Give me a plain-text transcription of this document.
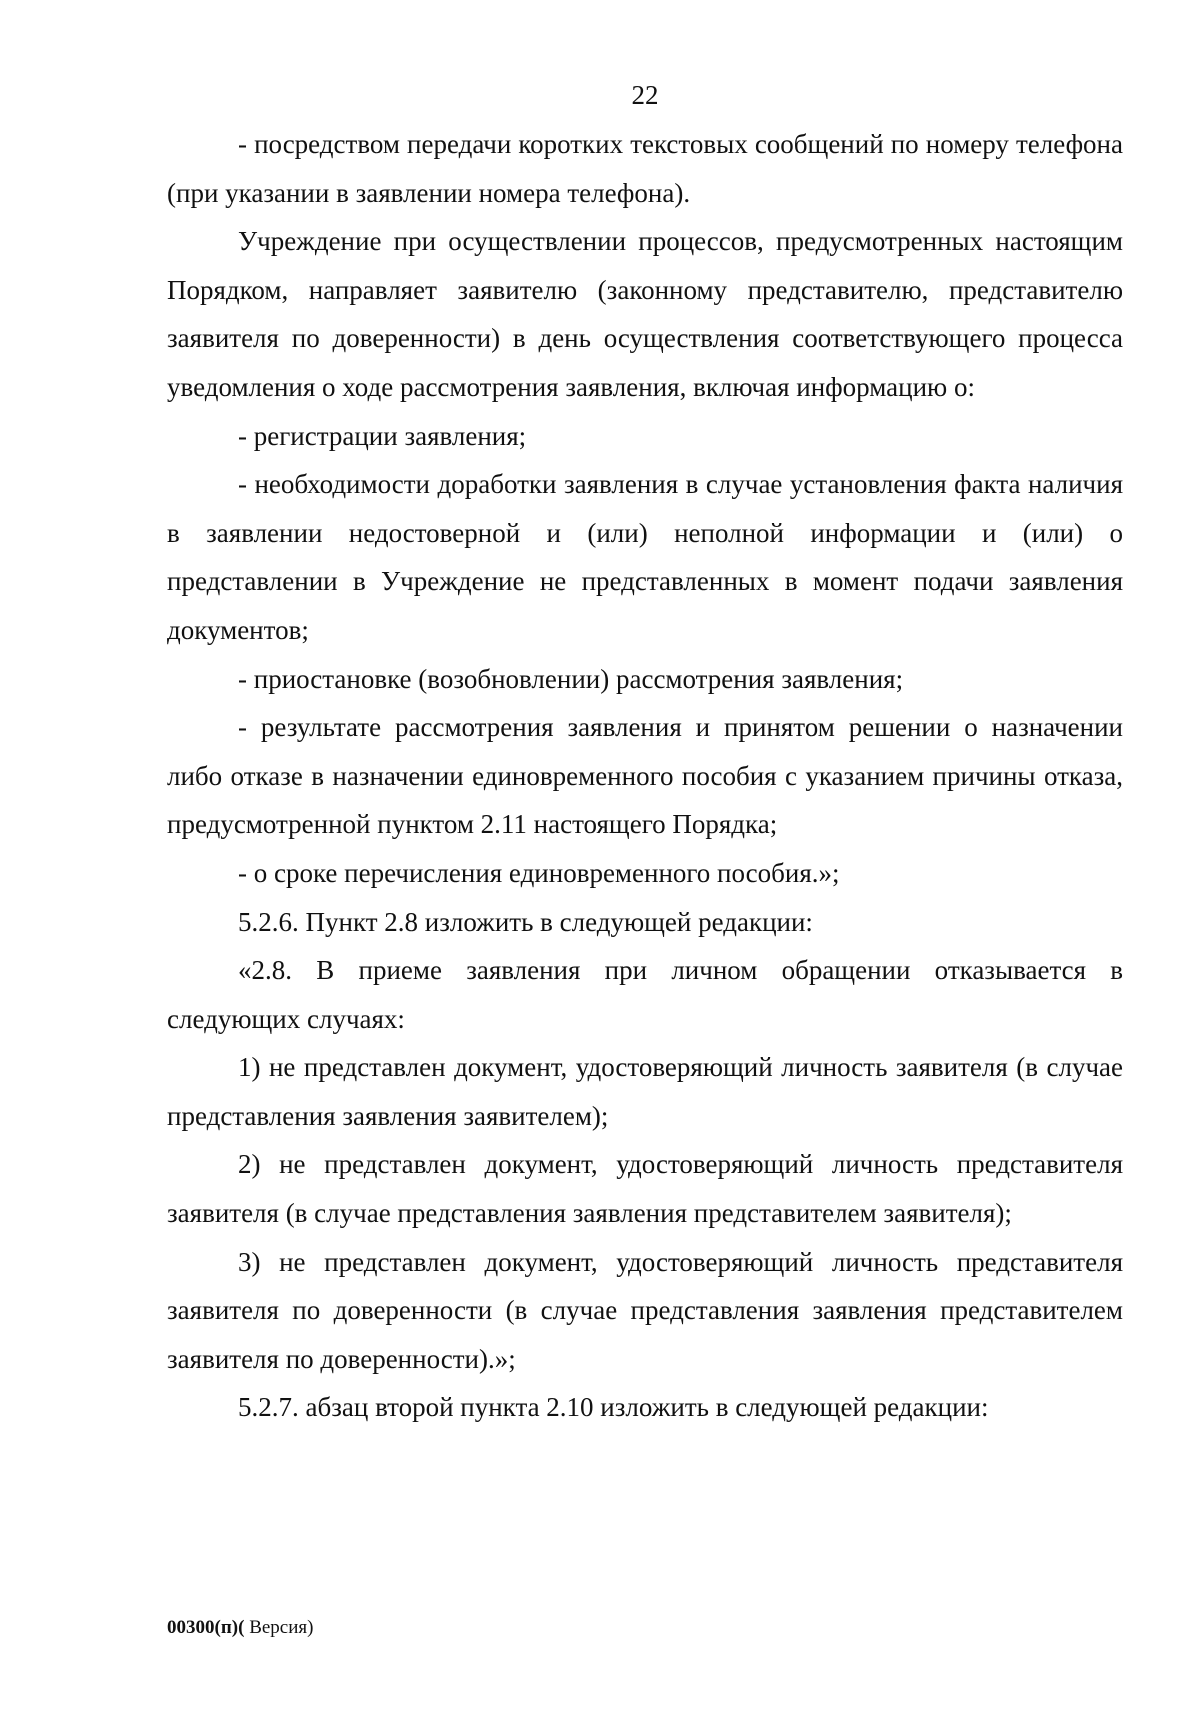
22

- посредством передачи коротких текстовых сообщений по номеру телефона (при указании в заявлении номера телефона).

Учреждение при осуществлении процессов, предусмотренных настоящим Порядком, направляет заявителю (законному представителю, представителю заявителя по доверенности) в день осуществления соответствующего процесса уведомления о ходе рассмотрения заявления, включая информацию о:

- регистрации заявления;

- необходимости доработки заявления в случае установления факта наличия в заявлении недостоверной и (или) неполной информации и (или) о представлении в Учреждение не представленных в момент подачи заявления документов;

- приостановке (возобновлении) рассмотрения заявления;

- результате рассмотрения заявления и принятом решении о назначении либо отказе в назначении единовременного пособия с указанием причины отказа, предусмотренной пунктом 2.11 настоящего Порядка;

- о сроке перечисления единовременного пособия.»;

5.2.6. Пункт 2.8 изложить в следующей редакции:

«2.8. В приеме заявления при личном обращении отказывается в следующих случаях:

1) не представлен документ, удостоверяющий личность заявителя (в случае представления заявления заявителем);

2) не представлен документ, удостоверяющий личность представителя заявителя (в случае представления заявления представителем заявителя);

3) не представлен документ, удостоверяющий личность представителя заявителя по доверенности (в случае представления заявления представителем заявителя по доверенности).»;

5.2.7. абзац второй пункта 2.10 изложить в следующей редакции:

00300(п)( Версия)
